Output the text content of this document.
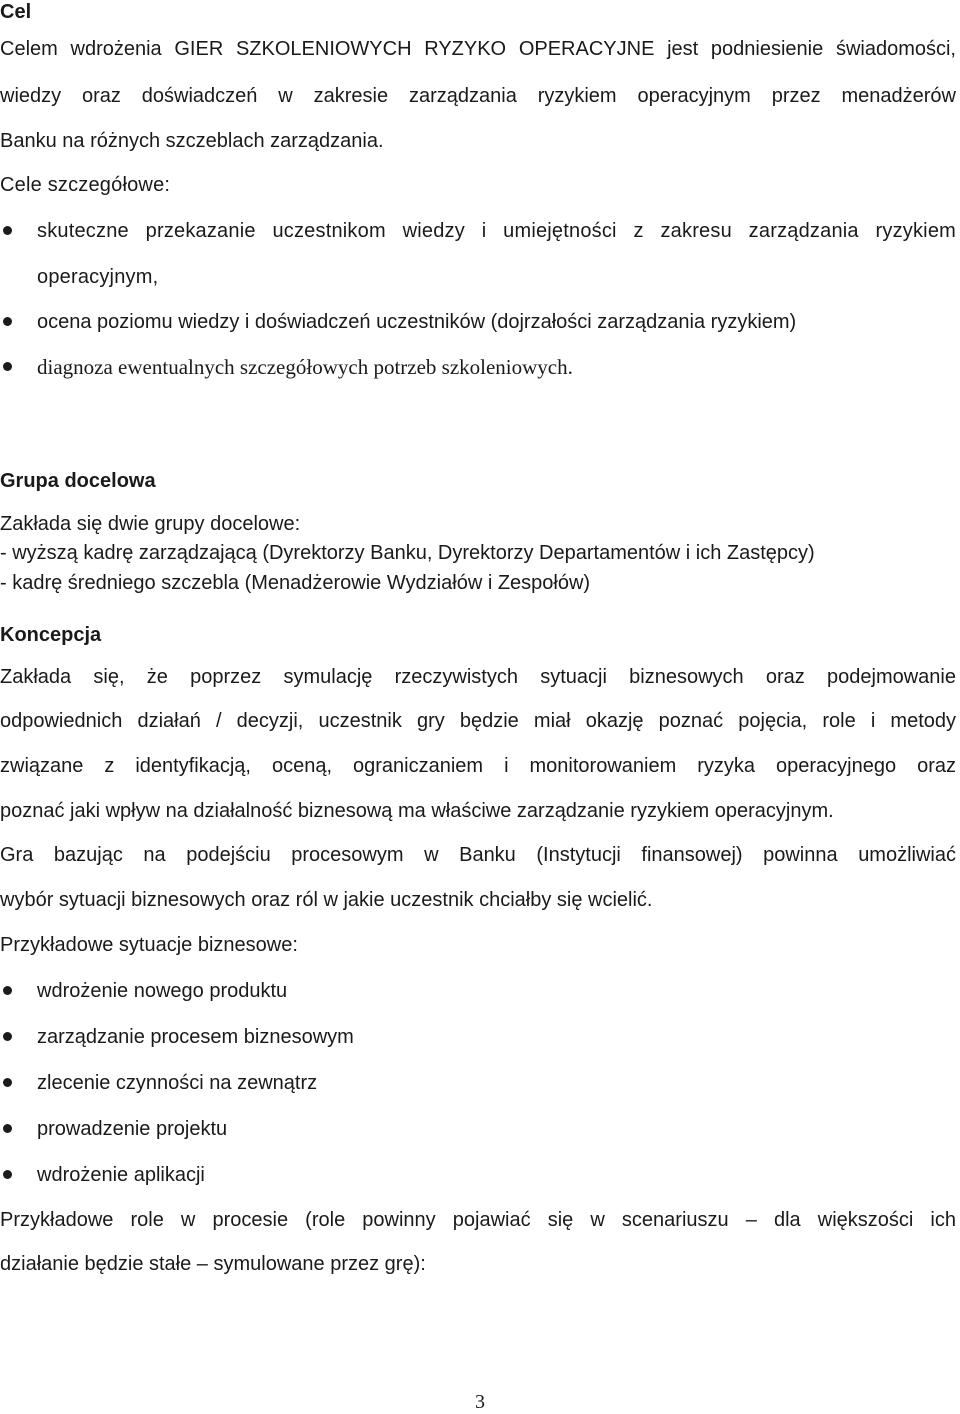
Cel
Celem wdrożenia GIER SZKOLENIOWYCH RYZYKO OPERACYJNE jest podniesienie świadomości,
wiedzy oraz doświadczeń w zakresie zarządzania ryzykiem operacyjnym przez menadżerów
Banku na różnych szczeblach zarządzania.
Cele szczegółowe:
skuteczne przekazanie uczestnikom wiedzy i umiejętności z zakresu zarządzania ryzykiem
operacyjnym,
ocena poziomu wiedzy i doświadczeń uczestników (dojrzałości zarządzania ryzykiem)
diagnoza ewentualnych szczegółowych potrzeb szkoleniowych.
Grupa docelowa
Zakłada się dwie grupy docelowe:
- wyższą kadrę zarządzającą (Dyrektorzy Banku, Dyrektorzy Departamentów i ich Zastępcy)
- kadrę średniego szczebla (Menadżerowie Wydziałów i Zespołów)
Koncepcja
Zakłada się, że poprzez symulację rzeczywistych sytuacji biznesowych oraz podejmowanie
odpowiednich działań / decyzji, uczestnik gry będzie miał okazję poznać pojęcia, role i metody
związane z identyfikacją, oceną, ograniczaniem i monitorowaniem ryzyka operacyjnego oraz
poznać jaki wpływ na działalność biznesową ma właściwe zarządzanie ryzykiem operacyjnym.
Gra bazując na podejściu procesowym w Banku (Instytucji finansowej) powinna umożliwiać
wybór sytuacji biznesowych oraz ról w jakie uczestnik chciałby się wcielić.
Przykładowe sytuacje biznesowe:
wdrożenie nowego produktu
zarządzanie procesem biznesowym
zlecenie czynności na zewnątrz
prowadzenie projektu
wdrożenie aplikacji
Przykładowe role w procesie (role powinny pojawiać się w scenariuszu – dla większości ich
działanie będzie stałe – symulowane przez grę):
3
